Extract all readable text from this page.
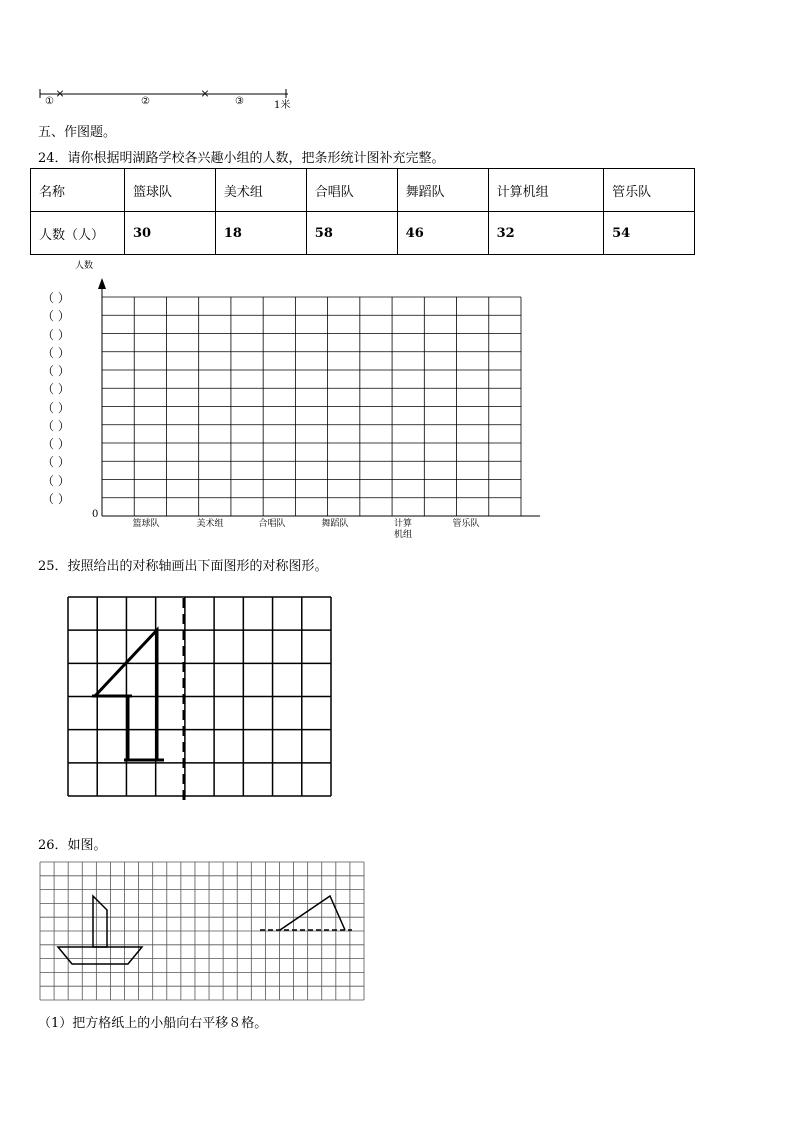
×	×
①	②	③	1米
五、作图题。
24．请你根据明湖路学校各兴趣小组的人数，把条形统计图补充完整。
名称	篮球队	美术组	合唱队	舞蹈队	计算机组	管乐队
人数（人）	30	18	58	46	32	54
人数
0
（ ）
（ ）
（ ）
（ ）
（ ）
（ ）
（ ）
（ ）
（ ）
（ ）
（ ）
（ ）
篮球队	美术组	合唱队	舞蹈队	计算
机组
管乐队
25．按照给出的对称轴画出下面图形的对称图形。
26．如图。
（1）把方格纸上的小船向右平移８格。
